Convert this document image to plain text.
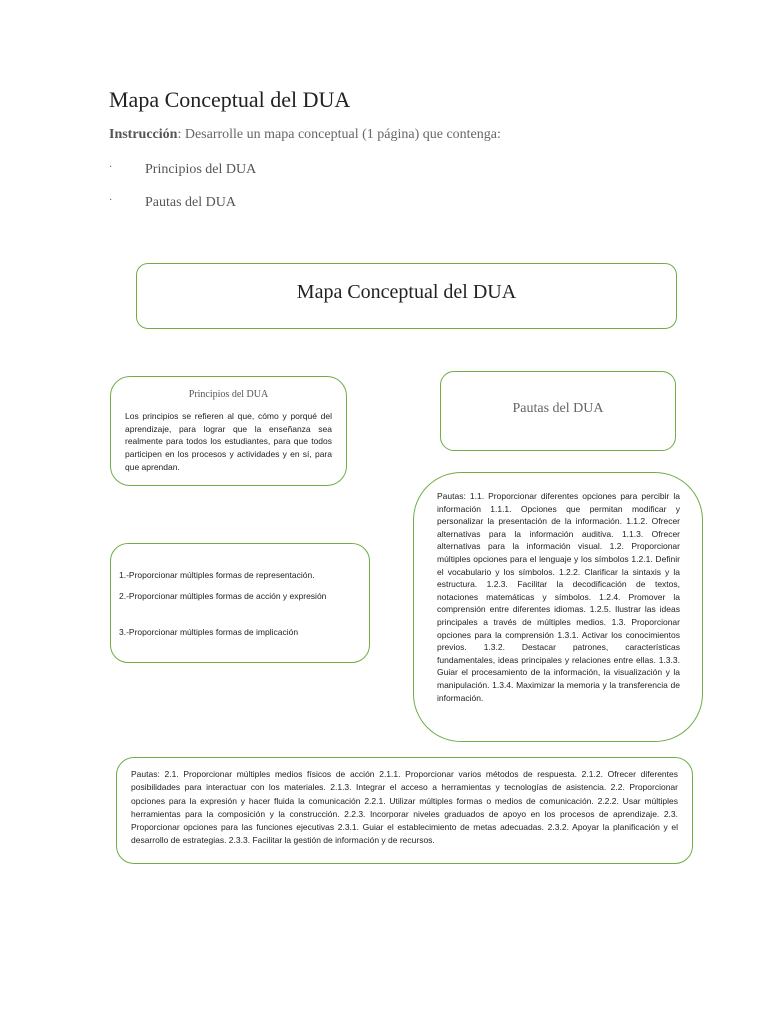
Mapa Conceptual del DUA
Instrucción: Desarrolle un mapa conceptual (1 página) que contenga:
· Principios del DUA
· Pautas del DUA
Mapa Conceptual del DUA
Principios del DUA
Los principios se refieren al que, cómo y porqué del aprendizaje, para lograr que la enseñanza sea realmente para todos los estudiantes, para que todos participen en los procesos y actividades y en sí, para que aprendan.
Pautas del DUA
Pautas: 1.1. Proporcionar diferentes opciones para percibir la información 1.1.1. Opciones que permitan modificar y personalizar la presentación de la información. 1.1.2. Ofrecer alternativas para la información auditiva. 1.1.3. Ofrecer alternativas para la información visual. 1.2. Proporcionar múltiples opciones para el lenguaje y los símbolos 1.2.1. Definir el vocabulario y los símbolos. 1.2.2. Clarificar la sintaxis y la estructura. 1.2.3. Facilitar la decodificación de textos, notaciones matemáticas y símbolos. 1.2.4. Promover la comprensión entre diferentes idiomas. 1.2.5. Ilustrar las ideas principales a través de múltiples medios. 1.3. Proporcionar opciones para la comprensión 1.3.1. Activar los conocimientos previos. 1.3.2. Destacar patrones, características fundamentales, ideas principales y relaciones entre ellas. 1.3.3. Guiar el procesamiento de la información, la visualización y la manipulación. 1.3.4. Maximizar la memoria y la transferencia de información.
1.-Proporcionar múltiples formas de representación.
2.-Proporcionar múltiples formas de acción y expresión
3.-Proporcionar múltiples formas de implicación
Pautas: 2.1. Proporcionar múltiples medios físicos de acción 2.1.1. Proporcionar varios métodos de respuesta. 2.1.2. Ofrecer diferentes posibilidades para interactuar con los materiales. 2.1.3. Integrar el acceso a herramientas y tecnologías de asistencia. 2.2. Proporcionar opciones para la expresión y hacer fluida la comunicación 2.2.1. Utilizar múltiples formas o medios de comunicación. 2.2.2. Usar múltiples herramientas para la composición y la construcción. 2.2.3. Incorporar niveles graduados de apoyo en los procesos de aprendizaje. 2.3. Proporcionar opciones para las funciones ejecutivas 2.3.1. Guiar el establecimiento de metas adecuadas. 2.3.2. Apoyar la planificación y el desarrollo de estrategias. 2.3.3. Facilitar la gestión de información y de recursos.
